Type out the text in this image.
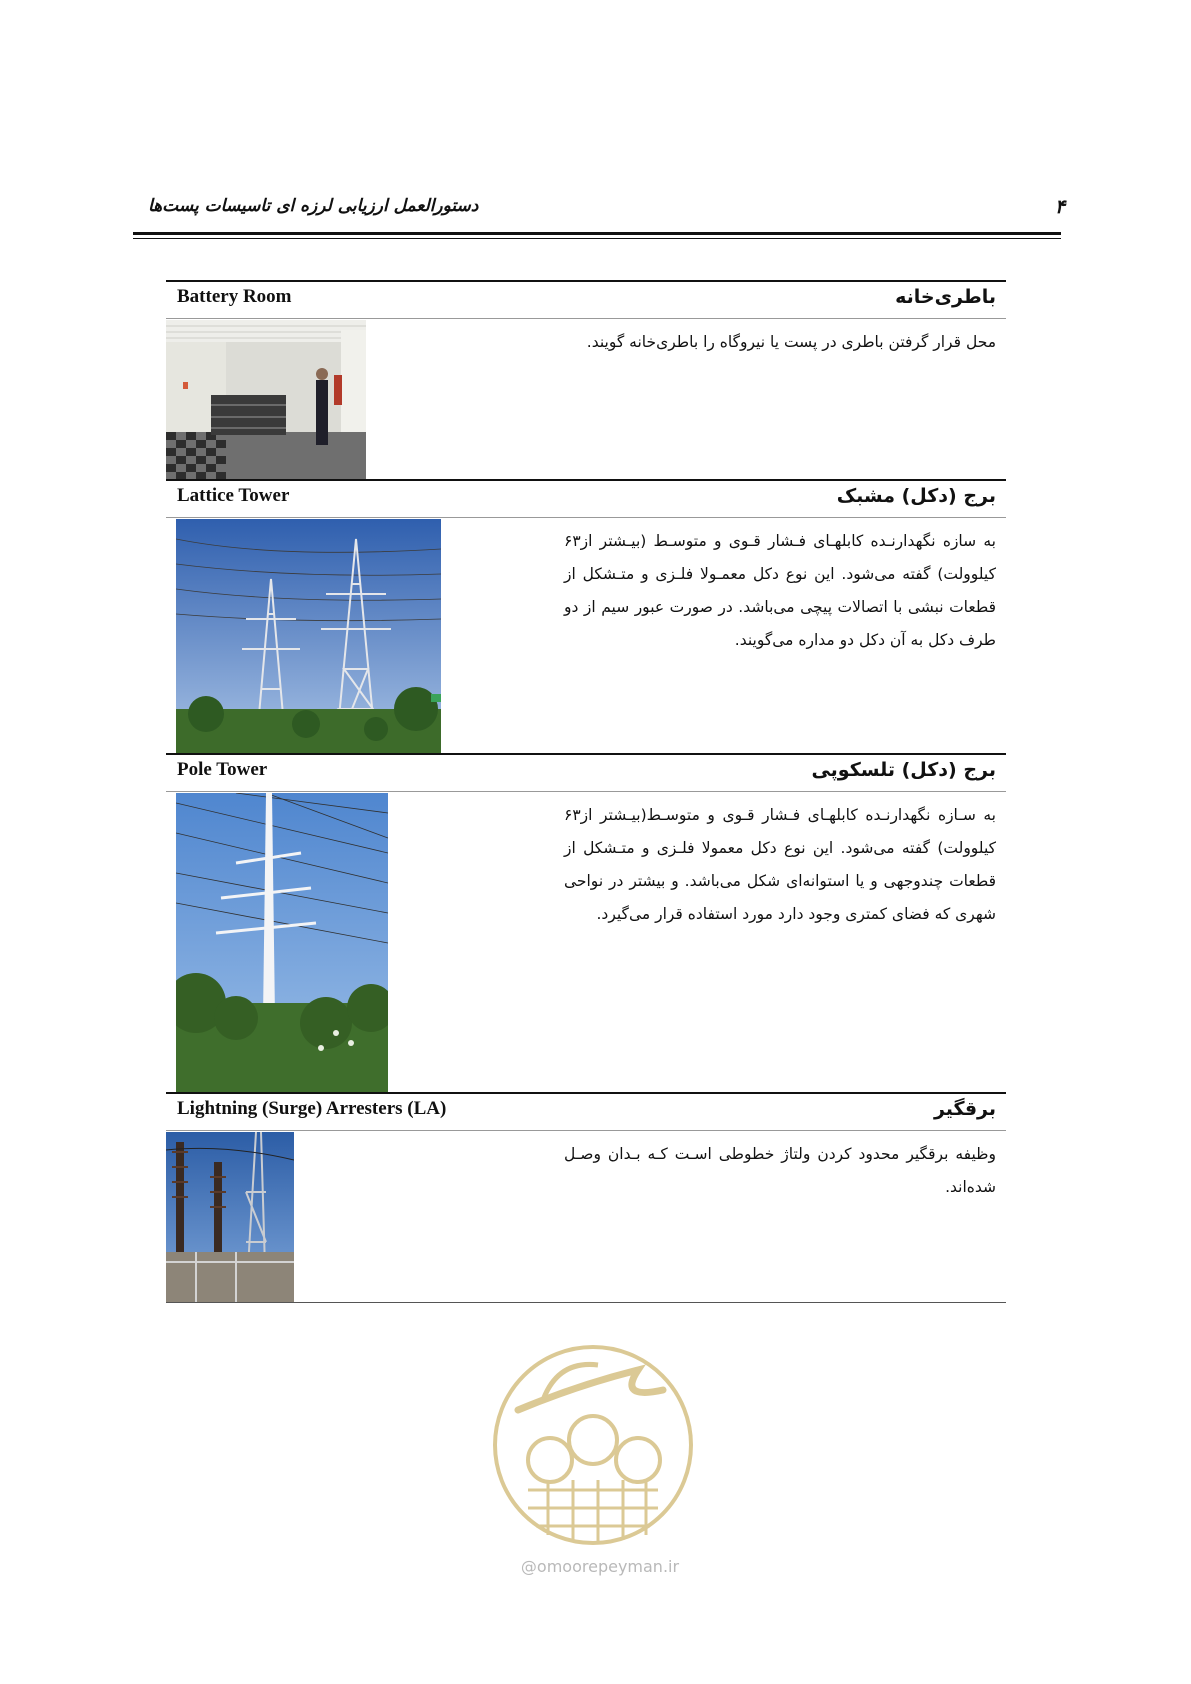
دستورالعمل ارزیابی لرزه ای تاسیسات پست‌ها	۴
Battery Room	باطری‌خانه
محل قرار گرفتن باطری در پست یا نیروگاه را باطری‌خانه گویند.
Lattice Tower	برج (دکل) مشبک
به سازه نگهدارنـده کابلهـای فـشار قـوی و متوسـط (بیـشتر از۶۳ کیلوولت) گفته می‌شود. این نوع دکل معمـولا فلـزی و متـشکل از قطعات نبشی با اتصالات پیچی می‌باشد. در صورت عبور سیم از دو طرف دکل به آن دکل دو مداره می‌گویند.
Pole Tower	برج (دکل) تلسکوپی
به سـازه نگهدارنـده کابلهـای فـشار قـوی و متوسـط(بیـشتر از۶۳ کیلوولت) گفته می‌شود. این نوع دکل معمولا فلـزی و متـشکل از قطعات چندوجهی و یا استوانه‌ای شکل می‌باشد. و بیشتر در نواحی شهری که فضای کمتری وجود دارد مورد استفاده قرار می‌گیرد.
Lightning (Surge) Arresters (LA)	برقگیر
وظیفه برقگیر محدود کردن ولتاژ خطوطی اسـت کـه بـدان وصـل شده‌اند.
@omoorepeyman.ir
